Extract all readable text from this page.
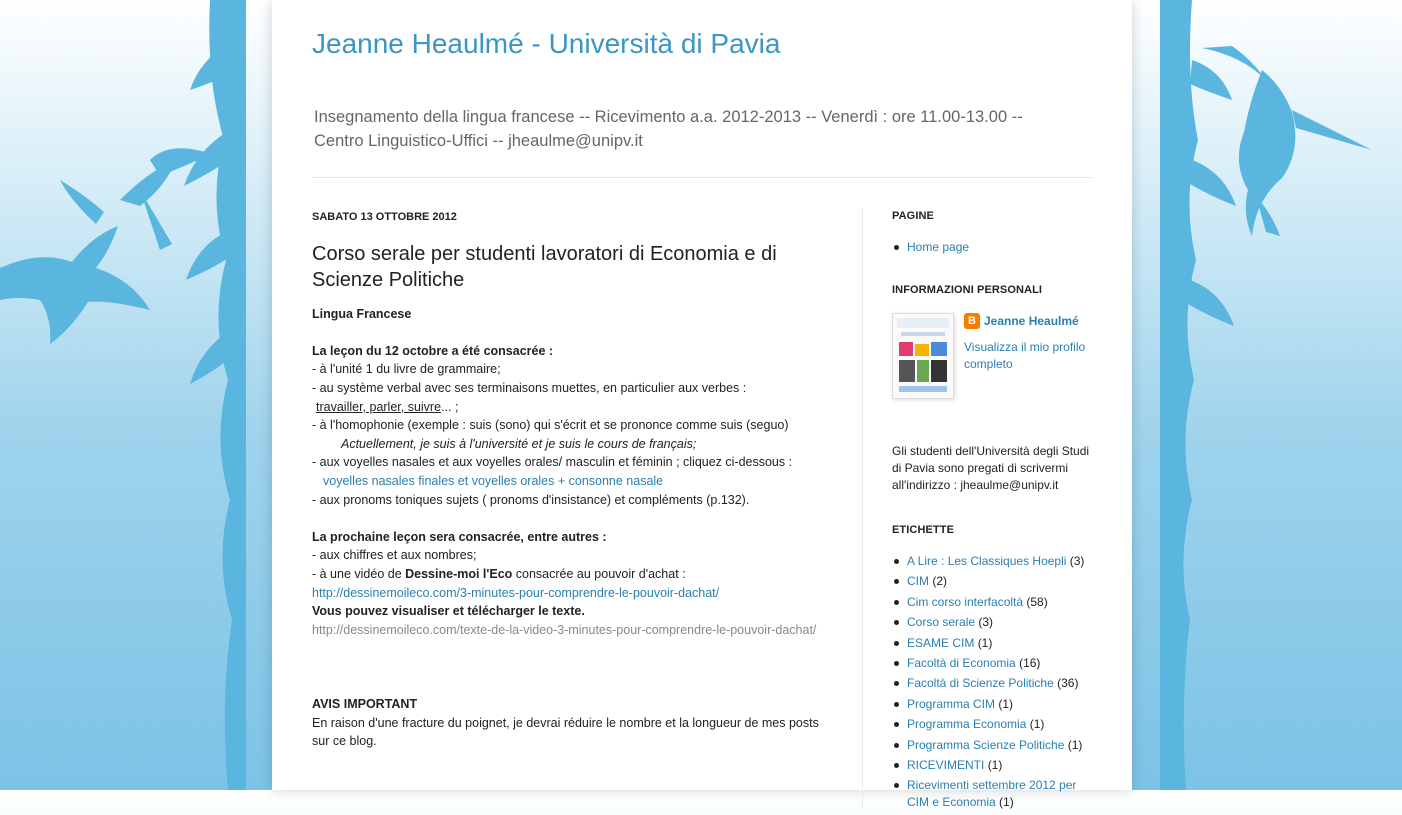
Jeanne Heaulmé - Università di Pavia
Insegnamento della lingua francese -- Ricevimento a.a. 2012-2013 -- Venerdì : ore 11.00-13.00 -- Centro Linguistico-Uffici -- jheaulme@unipv.it
SABATO 13 OTTOBRE 2012
Corso serale per studenti lavoratori di Economia e di Scienze Politiche

Lingua Francese

La leçon du 12 octobre a été consacrée :

- à l'unité 1 du livre de grammaire;

- au système verbal avec ses terminaisons muettes, en particulier aux verbes :

travailler, parler, suivre... ;

- à l'homophonie (exemple : suis (sono) qui s'écrit et se prononce comme suis (seguo)

Actuellement, je suis à l'université et je suis le cours de français;

- aux voyelles nasales et aux voyelles orales/ masculin et féminin ; cliquez ci-dessous :

voyelles nasales finales et voyelles orales + consonne nasale

- aux pronoms toniques sujets ( pronoms d'insistance) et compléments (p.132).

La prochaine leçon sera consacrée, entre autres :

- aux chiffres et aux nombres;

- à une vidéo de Dessine-moi l'Eco consacrée au pouvoir d'achat :

http://dessinemoileco.com/3-minutes-pour-comprendre-le-pouvoir-dachat/

Vous pouvez visualiser et télécharger le texte.

http://dessinemoileco.com/texte-de-la-video-3-minutes-pour-comprendre-le-pouvoir-dachat/

AVIS IMPORTANT

En raison d'une fracture du poignet, je devrai réduire le nombre et la longueur de mes posts sur ce blog.

PAGINE
Home page
INFORMAZIONI PERSONALI
B Jeanne Heaulmé
Visualizza il mio profilo completo
Gli studenti dell'Università degli Studi di Pavia sono pregati di scrivermi all'indirizzo : jheaulme@unipv.it
ETICHETTE
A Lire : Les Classiques Hoepli (3)
CIM (2)
Cim corso interfacoltà (58)
Corso serale (3)
ESAME CIM (1)
Facoltà di Economia (16)
Facoltà di Scienze Politiche (36)
Programma CIM (1)
Programma Economia (1)
Programma Scienze Politiche (1)
RICEVIMENTI (1)
Ricevimenti settembre 2012 per CIM e Economia (1)
